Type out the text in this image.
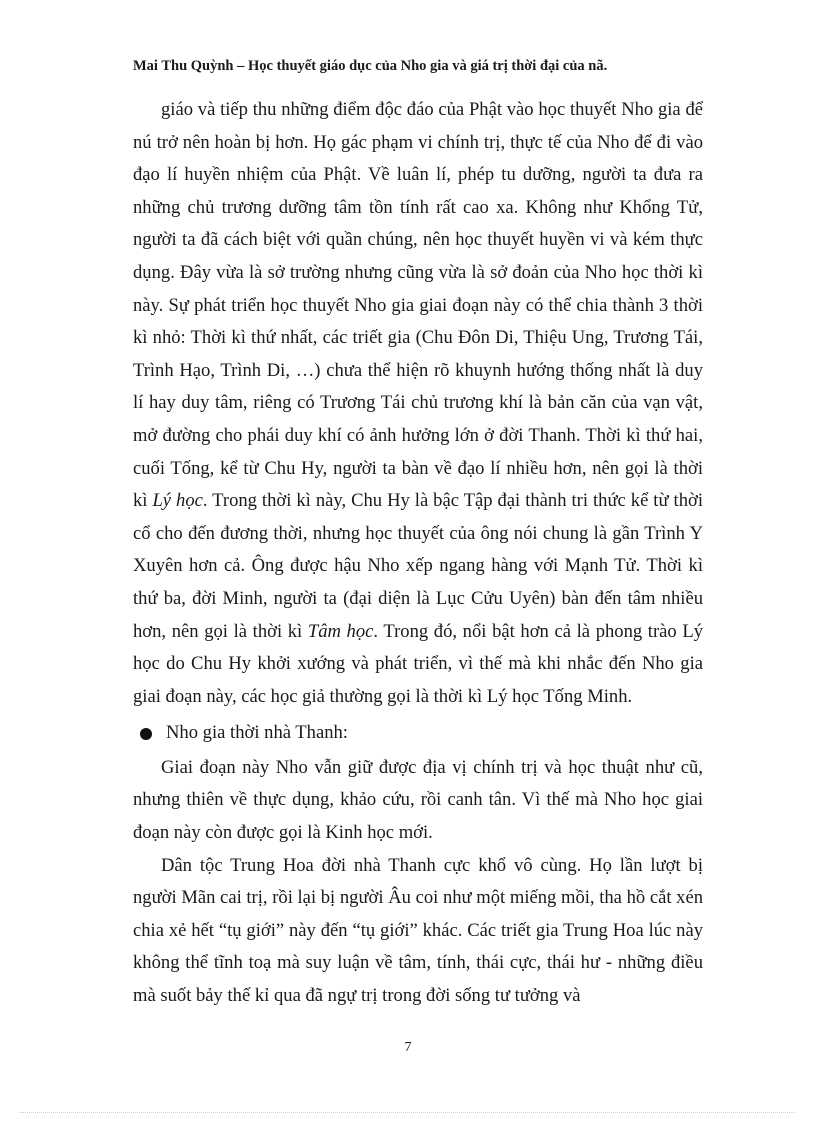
Mai Thu Quỳnh – Học thuyết giáo dục của Nho gia và giá trị thời đại của nã.

giáo và tiếp thu những điểm độc đáo của Phật vào học thuyết Nho gia để nú trở nên hoàn bị hơn. Họ gác phạm vi chính trị, thực tế của Nho để đi vào đạo lí huyền nhiệm của Phật. Về luân lí, phép tu dưỡng, người ta đưa ra những chủ trương dưỡng tâm tồn tính rất cao xa. Không như Khổng Tử, người ta đã cách biệt với quần chúng, nên học thuyết huyền vi và kém thực dụng. Đây vừa là sở trường nhưng cũng vừa là sở đoản của Nho học thời kì này. Sự phát triển học thuyết Nho gia giai đoạn này có thể chia thành 3 thời kì nhỏ: Thời kì thứ nhất, các triết gia (Chu Đôn Di, Thiệu Ung, Trương Tái, Trình Hạo, Trình Di, …) chưa thể hiện rõ khuynh hướng thống nhất là duy lí hay duy tâm, riêng có Trương Tái chủ trương khí là bản căn của vạn vật, mở đường cho phái duy khí có ảnh hưởng lớn ở đời Thanh. Thời kì thứ hai, cuối Tống, kể từ Chu Hy, người ta bàn về đạo lí nhiều hơn, nên gọi là thời kì Lý học. Trong thời kì này, Chu Hy là bậc Tập đại thành tri thức kể từ thời cổ cho đến đương thời, nhưng học thuyết của ông nói chung là gần Trình Y Xuyên hơn cả. Ông được hậu Nho xếp ngang hàng với Mạnh Tử. Thời kì thứ ba, đời Minh, người ta (đại diện là Lục Cửu Uyên) bàn đến tâm nhiều hơn, nên gọi là thời kì Tâm học. Trong đó, nổi bật hơn cả là phong trào Lý học do Chu Hy khởi xướng và phát triển, vì thế mà khi nhắc đến Nho gia giai đoạn này, các học giả thường gọi là thời kì Lý học Tống Minh.

Nho gia thời nhà Thanh:

Giai đoạn này Nho vẫn giữ được địa vị chính trị và học thuật như cũ, nhưng thiên về thực dụng, khảo cứu, rồi canh tân. Vì thế mà Nho học giai đoạn này còn được gọi là Kinh học mới.

Dân tộc Trung Hoa đời nhà Thanh cực khổ vô cùng. Họ lần lượt bị người Mãn cai trị, rồi lại bị người Âu coi như một miếng mồi, tha hồ cắt xén chia xẻ hết “tụ giới” này đến “tụ giới” khác. Các triết gia Trung Hoa lúc này không thể tĩnh toạ mà suy luận về tâm, tính, thái cực, thái hư - những điều mà suốt bảy thế kỉ qua đã ngự trị trong đời sống tư tưởng và

7
